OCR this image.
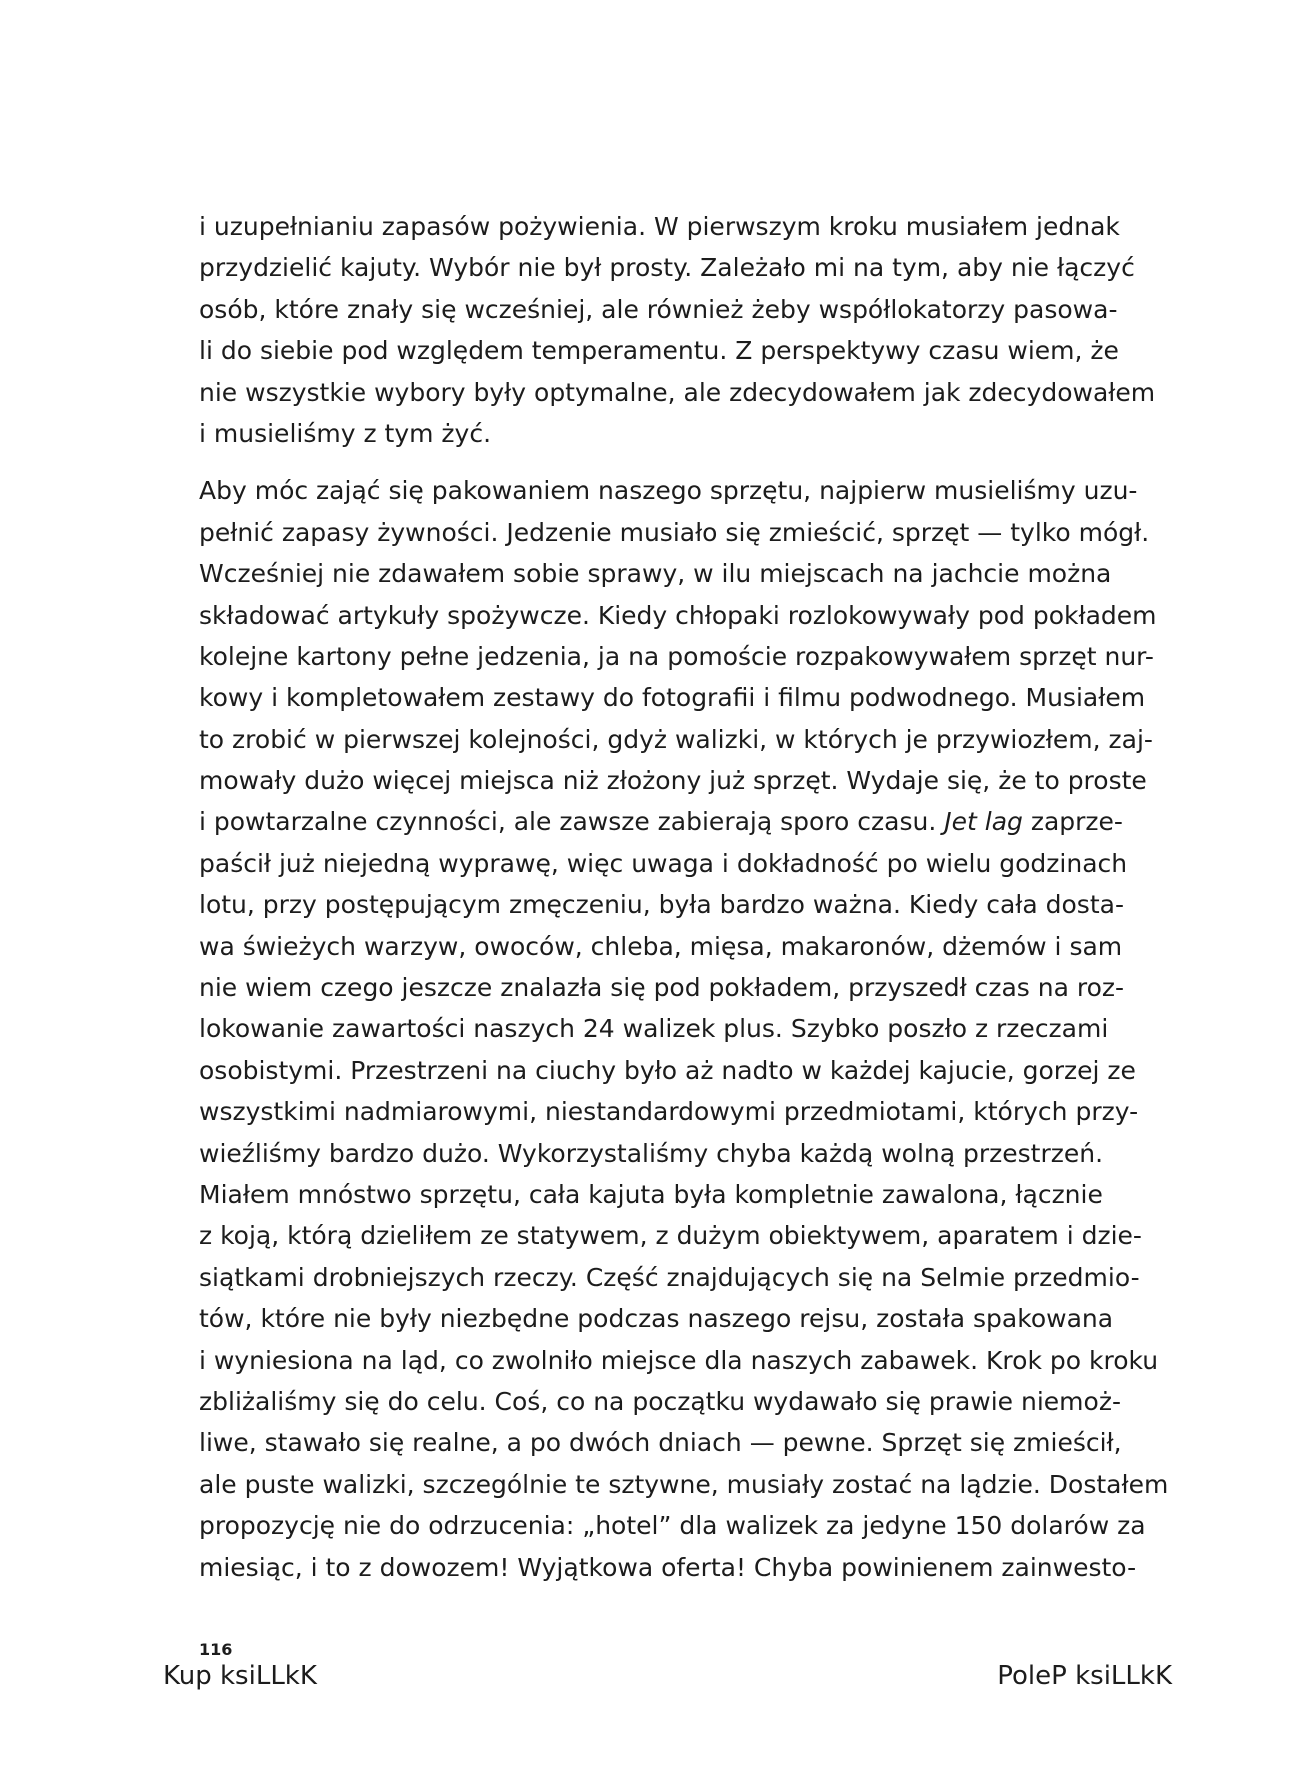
i uzupełnianiu zapasów pożywienia. W pierwszym kroku musiałem jednak
przydzielić kajuty. Wybór nie był prosty. Zależało mi na tym, aby nie łączyć
osób, które znały się wcześniej, ale również żeby współlokatorzy pasowa-
li do siebie pod względem temperamentu. Z perspektywy czasu wiem, że
nie wszystkie wybory były optymalne, ale zdecydowałem jak zdecydowałem
i musieliśmy z tym żyć.
Aby móc zająć się pakowaniem naszego sprzętu, najpierw musieliśmy uzu-
pełnić zapasy żywności. Jedzenie musiało się zmieścić, sprzęt — tylko mógł.
Wcześniej nie zdawałem sobie sprawy, w ilu miejscach na jachcie można
składować artykuły spożywcze. Kiedy chłopaki rozlokowywały pod pokładem
kolejne kartony pełne jedzenia, ja na pomoście rozpakowywałem sprzęt nur-
kowy i kompletowałem zestawy do fotografii i filmu podwodnego. Musiałem
to zrobić w pierwszej kolejności, gdyż walizki, w których je przywiozłem, zaj-
mowały dużo więcej miejsca niż złożony już sprzęt. Wydaje się, że to proste
i powtarzalne czynności, ale zawsze zabierają sporo czasu. Jet lag zaprze-
paścił już niejedną wyprawę, więc uwaga i dokładność po wielu godzinach
lotu, przy postępującym zmęczeniu, była bardzo ważna. Kiedy cała dosta-
wa świeżych warzyw, owoców, chleba, mięsa, makaronów, dżemów i sam
nie wiem czego jeszcze znalazła się pod pokładem, przyszedł czas na roz-
lokowanie zawartości naszych 24 walizek plus. Szybko poszło z rzeczami
osobistymi. Przestrzeni na ciuchy było aż nadto w każdej kajucie, gorzej ze
wszystkimi nadmiarowymi, niestandardowymi przedmiotami, których przy-
wieźliśmy bardzo dużo. Wykorzystaliśmy chyba każdą wolną przestrzeń.
Miałem mnóstwo sprzętu, cała kajuta była kompletnie zawalona, łącznie
z koją, którą dzieliłem ze statywem, z dużym obiektywem, aparatem i dzie-
siątkami drobniejszych rzeczy. Część znajdujących się na Selmie przedmio-
tów, które nie były niezbędne podczas naszego rejsu, została spakowana
i wyniesiona na ląd, co zwolniło miejsce dla naszych zabawek. Krok po kroku
zbliżaliśmy się do celu. Coś, co na początku wydawało się prawie niemoż-
liwe, stawało się realne, a po dwóch dniach — pewne. Sprzęt się zmieścił,
ale puste walizki, szczególnie te sztywne, musiały zostać na lądzie. Dostałem
propozycję nie do odrzucenia: „hotel” dla walizek za jedyne 150 dolarów za
miesiąc, i to z dowozem! Wyjątkowa oferta! Chyba powinienem zainwesto-
116
Kup ksiLLkK	PoleP ksiLLkK
